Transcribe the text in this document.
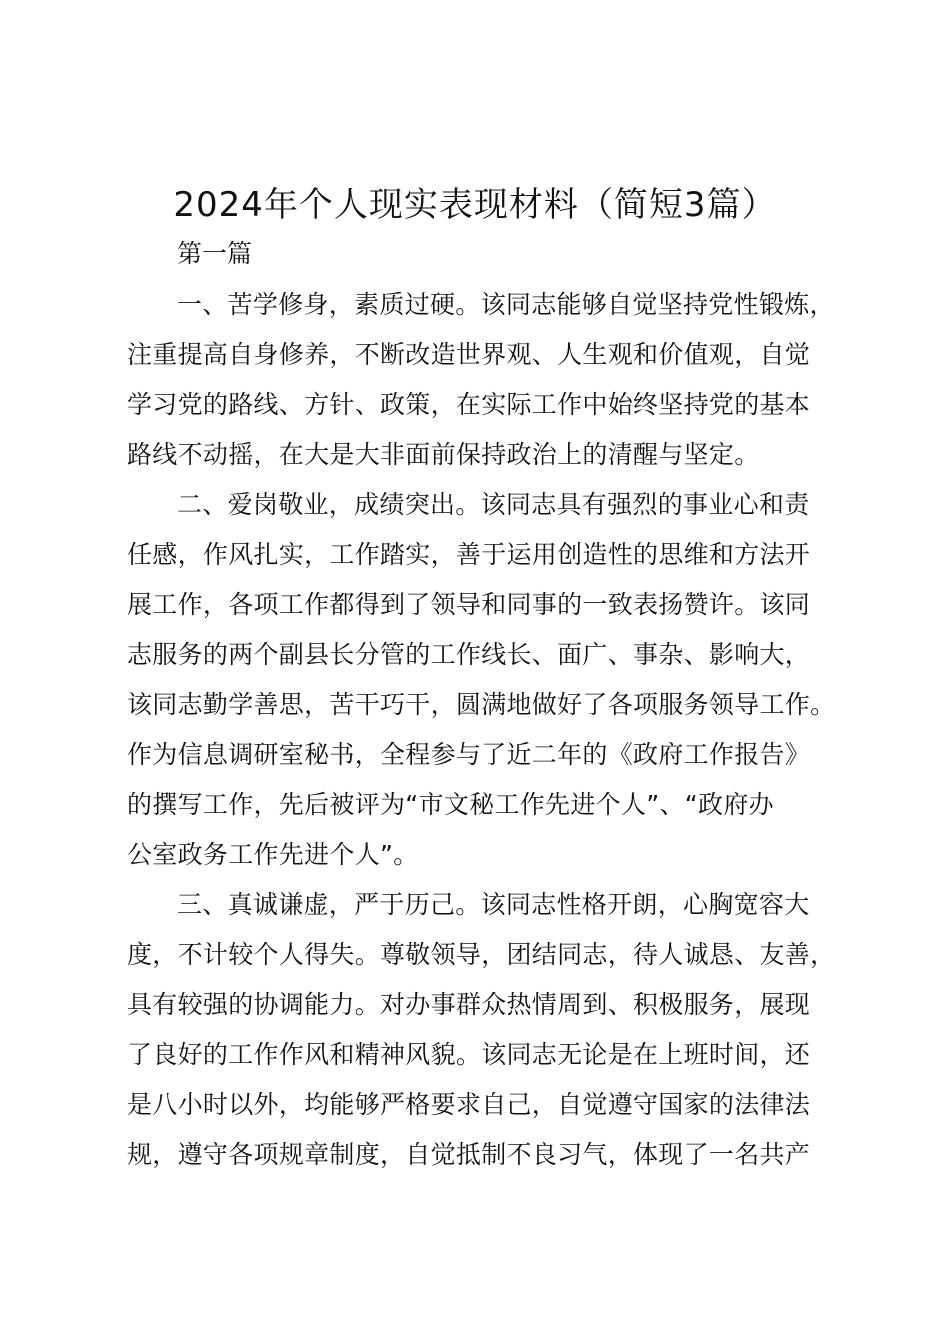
2024年个人现实表现材料（简短3篇）
第一篇
一、苦学修身，素质过硬。该同志能够自觉坚持党性锻炼，
注重提高自身修养，不断改造世界观、人生观和价值观，自觉
学习党的路线、方针、政策，在实际工作中始终坚持党的基本
路线不动摇，在大是大非面前保持政治上的清醒与坚定。
二、爱岗敬业，成绩突出。该同志具有强烈的事业心和责
任感，作风扎实，工作踏实，善于运用创造性的思维和方法开
展工作，各项工作都得到了领导和同事的一致表扬赞许。该同
志服务的两个副县长分管的工作线长、面广、事杂、影响大，
该同志勤学善思，苦干巧干，圆满地做好了各项服务领导工作。
作为信息调研室秘书，全程参与了近二年的《政府工作报告》
的撰写工作，先后被评为“市文秘工作先进个人”、“政府办
公室政务工作先进个人”。
三、真诚谦虚，严于历己。该同志性格开朗，心胸宽容大
度，不计较个人得失。尊敬领导，团结同志，待人诚恳、友善，
具有较强的协调能力。对办事群众热情周到、积极服务，展现
了良好的工作作风和精神风貌。该同志无论是在上班时间，还
是八小时以外，均能够严格要求自己，自觉遵守国家的法律法
规，遵守各项规章制度，自觉抵制不良习气，体现了一名共产
